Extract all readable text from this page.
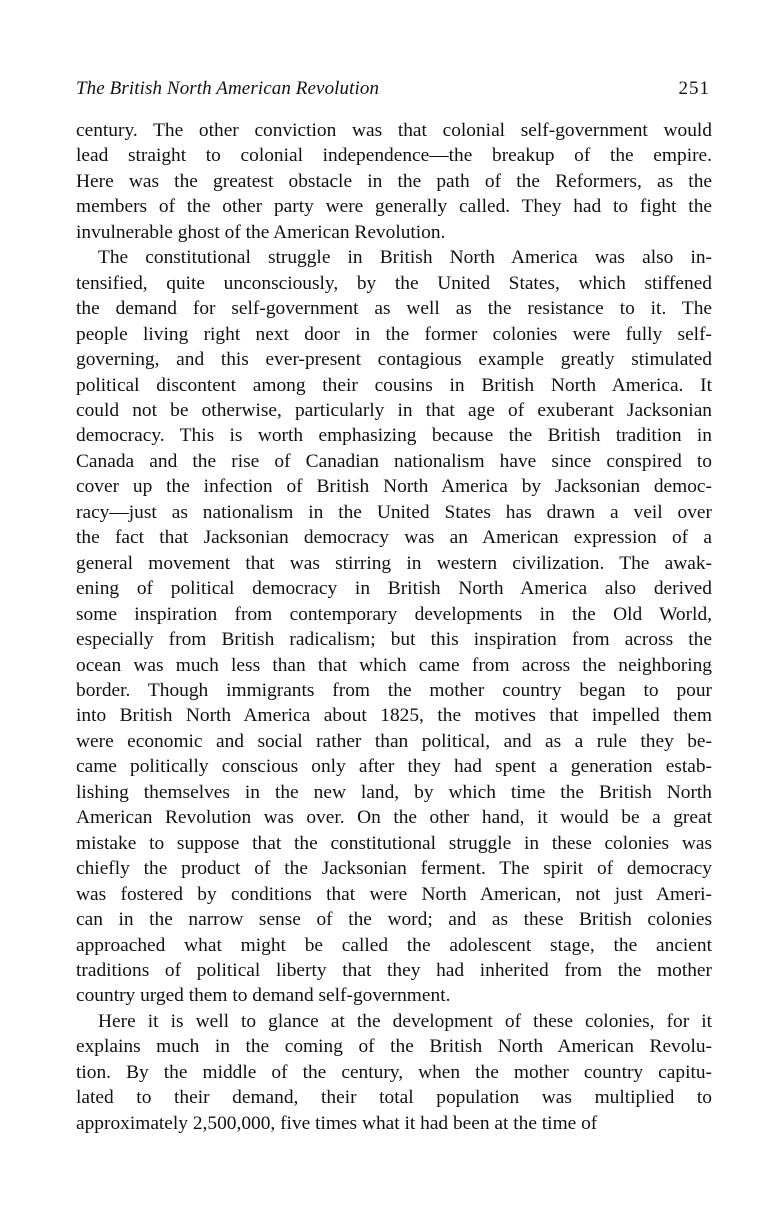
The British North American Revolution	251
century. The other conviction was that colonial self-government would
lead straight to colonial independence—the breakup of the empire.
Here was the greatest obstacle in the path of the Reformers, as the
members of the other party were generally called. They had to fight the
invulnerable ghost of the American Revolution.
The constitutional struggle in British North America was also in-
tensified, quite unconsciously, by the United States, which stiffened
the demand for self-government as well as the resistance to it. The
people living right next door in the former colonies were fully self-
governing, and this ever-present contagious example greatly stimulated
political discontent among their cousins in British North America. It
could not be otherwise, particularly in that age of exuberant Jacksonian
democracy. This is worth emphasizing because the British tradition in
Canada and the rise of Canadian nationalism have since conspired to
cover up the infection of British North America by Jacksonian democ-
racy—just as nationalism in the United States has drawn a veil over
the fact that Jacksonian democracy was an American expression of a
general movement that was stirring in western civilization. The awak-
ening of political democracy in British North America also derived
some inspiration from contemporary developments in the Old World,
especially from British radicalism; but this inspiration from across the
ocean was much less than that which came from across the neighboring
border. Though immigrants from the mother country began to pour
into British North America about 1825, the motives that impelled them
were economic and social rather than political, and as a rule they be-
came politically conscious only after they had spent a generation estab-
lishing themselves in the new land, by which time the British North
American Revolution was over. On the other hand, it would be a great
mistake to suppose that the constitutional struggle in these colonies was
chiefly the product of the Jacksonian ferment. The spirit of democracy
was fostered by conditions that were North American, not just Ameri-
can in the narrow sense of the word; and as these British colonies
approached what might be called the adolescent stage, the ancient
traditions of political liberty that they had inherited from the mother
country urged them to demand self-government.
Here it is well to glance at the development of these colonies, for it
explains much in the coming of the British North American Revolu-
tion. By the middle of the century, when the mother country capitu-
lated to their demand, their total population was multiplied to
approximately 2,500,000, five times what it had been at the time of
